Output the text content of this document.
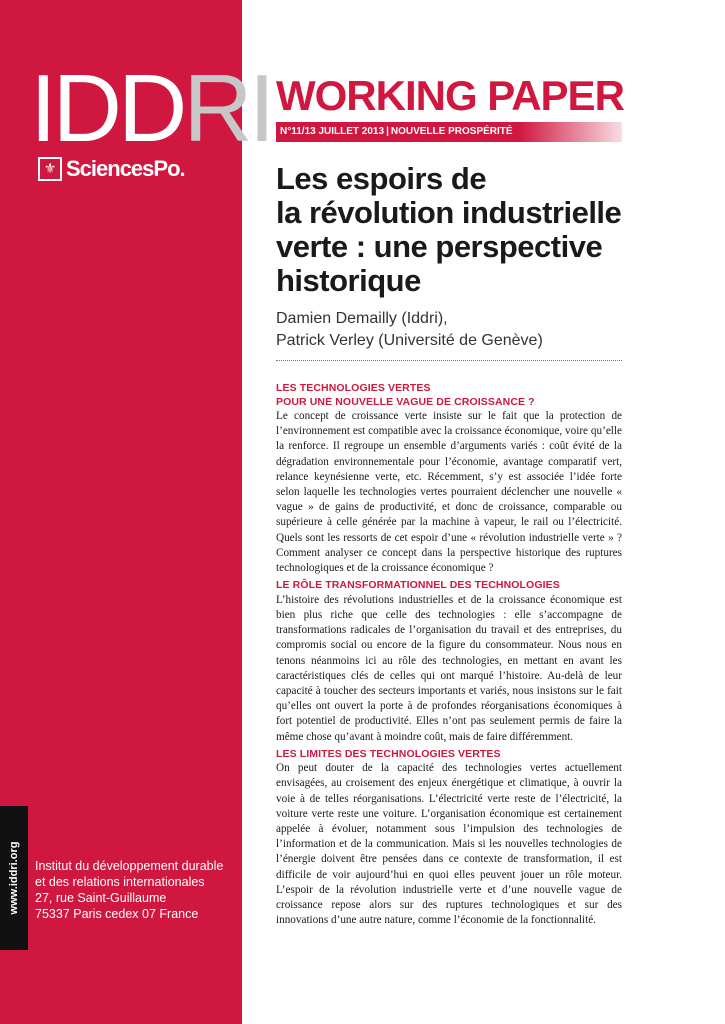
IDDRI
⚜ SciencesPo.
www.iddri.org Institut du développement durable
et des relations internationales
27, rue Saint-Guillaume
75337 Paris cedex 07 France
WORKING PAPER
N°11/13 JUILLET 2013 | NOUVELLE PROSPÉRITÉ
Les espoirs de
la révolution industrielle
verte : une perspective
historique
Damien Demailly (Iddri),
Patrick Verley (Université de Genève)
LES TECHNOLOGIES VERTES
POUR UNE NOUVELLE VAGUE DE CROISSANCE ?

Le concept de croissance verte insiste sur le fait que la protection de l’environnement est compatible avec la croissance économique, voire qu’elle la renforce. Il regroupe un ensemble d’arguments variés : coût évité de la dégradation environnementale pour l’économie, avantage comparatif vert, relance keynésienne verte, etc. Récemment, s’y est associée l’idée forte selon laquelle les technologies vertes pourraient déclencher une nouvelle « vague » de gains de productivité, et donc de croissance, comparable ou supérieure à celle générée par la machine à vapeur, le rail ou l’électricité. Quels sont les ressorts de cet espoir d’une « révolution industrielle verte » ? Comment analyser ce concept dans la perspective historique des ruptures technologiques et de la croissance économique ?

LE RÔLE TRANSFORMATIONNEL DES TECHNOLOGIES

L’histoire des révolutions industrielles et de la croissance économique est bien plus riche que celle des technologies : elle s’accompagne de transformations radicales de l’organisation du travail et des entreprises, du compromis social ou encore de la figure du consommateur. Nous nous en tenons néanmoins ici au rôle des technologies, en mettant en avant les caractéristiques clés de celles qui ont marqué l’histoire. Au-delà de leur capacité à toucher des secteurs importants et variés, nous insistons sur le fait qu’elles ont ouvert la porte à de profondes réorganisations économiques à fort potentiel de productivité. Elles n’ont pas seulement permis de faire la même chose qu’avant à moindre coût, mais de faire différemment.

LES LIMITES DES TECHNOLOGIES VERTES

On peut douter de la capacité des technologies vertes actuellement envisagées, au croisement des enjeux énergétique et climatique, à ouvrir la voie à de telles réorganisations. L’électricité verte reste de l’électricité, la voiture verte reste une voiture. L’organisation économique est certainement appelée à évoluer, notamment sous l’impulsion des technologies de l’information et de la communication. Mais si les nouvelles technologies de l’énergie doivent être pensées dans ce contexte de transformation, il est difficile de voir aujourd’hui en quoi elles peuvent jouer un rôle moteur. L’espoir de la révolution industrielle verte et d’une nouvelle vague de croissance repose alors sur des ruptures technologiques et sur des innovations d’une autre nature, comme l’économie de la fonctionnalité.
